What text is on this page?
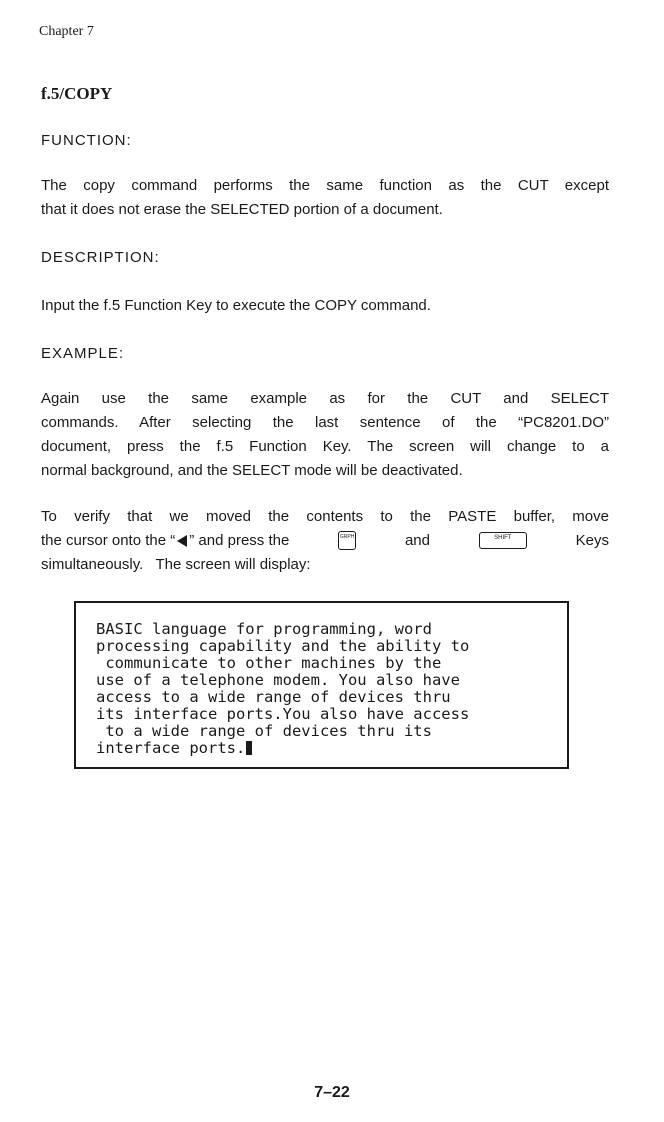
Chapter 7
f.5/COPY
FUNCTION:
The copy command performs the same function as the CUT except
that it does not erase the SELECTED portion of a document.
DESCRIPTION:
Input the f.5 Function Key to execute the COPY command.
EXAMPLE:
Again use the same example as for the CUT and SELECT
commands. After selecting the last sentence of the “PC8201.DO”
document, press the f.5 Function Key. The screen will change to a
normal background, and the SELECT mode will be deactivated.
To verify that we moved the contents to the PASTE buffer, move
the cursor onto the “ ” and press the	GRPH	and	SHIFT	Keys
simultaneously.   The screen will display:
BASIC language for programming, word
processing capability and the ability to
communicate to other machines by the
use of a telephone modem. You also have
access to a wide range of devices thru
its interface ports.You also have access
to a wide range of devices thru its
interface ports.
7–22
